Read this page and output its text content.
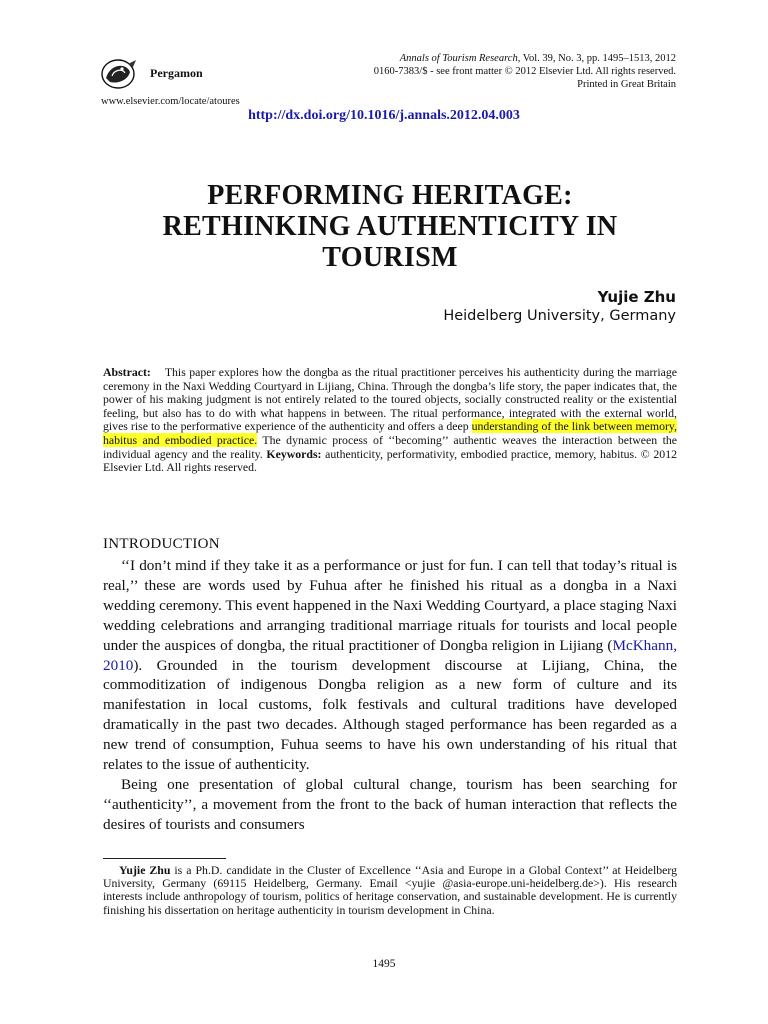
Pergamon
Annals of Tourism Research, Vol. 39, No. 3, pp. 1495–1513, 2012
0160-7383/$ - see front matter © 2012 Elsevier Ltd. All rights reserved.
Printed in Great Britain
www.elsevier.com/locate/atoures
http://dx.doi.org/10.1016/j.annals.2012.04.003
PERFORMING HERITAGE:
RETHINKING AUTHENTICITY IN
TOURISM
Yujie Zhu
Heidelberg University, Germany
Abstract: This paper explores how the dongba as the ritual practitioner perceives his authenticity during the marriage ceremony in the Naxi Wedding Courtyard in Lijiang, China. Through the dongba’s life story, the paper indicates that, the power of his making judgment is not entirely related to the toured objects, socially constructed reality or the existential feeling, but also has to do with what happens in between. The ritual performance, integrated with the external world, gives rise to the performative experience of the authenticity and offers a deep understanding of the link between memory, habitus and embodied practice. The dynamic process of ‘‘becoming’’ authentic weaves the interaction between the individual agency and the reality. Keywords: authenticity, performativity, embodied practice, memory, habitus. © 2012 Elsevier Ltd. All rights reserved.
INTRODUCTION

‘‘I don’t mind if they take it as a performance or just for fun. I can tell that today’s ritual is real,’’ these are words used by Fuhua after he finished his ritual as a dongba in a Naxi wedding ceremony. This event happened in the Naxi Wedding Courtyard, a place staging Naxi wedding celebrations and arranging traditional marriage rituals for tourists and local people under the auspices of dongba, the ritual practitioner of Dongba religion in Lijiang (McKhann, 2010). Grounded in the tourism development discourse at Lijiang, China, the commoditization of indigenous Dongba religion as a new form of culture and its manifestation in local customs, folk festivals and cultural traditions have developed dramatically in the past two decades. Although staged performance has been regarded as a new trend of consumption, Fuhua seems to have his own understanding of his ritual that relates to the issue of authenticity.

Being one presentation of global cultural change, tourism has been searching for ‘‘authenticity’’, a movement from the front to the back of human interaction that reflects the desires of tourists and consumers

Yujie Zhu is a Ph.D. candidate in the Cluster of Excellence ‘‘Asia and Europe in a Global Context’’ at Heidelberg University, Germany (69115 Heidelberg, Germany. Email <yujie @asia-europe.uni-heidelberg.de>). His research interests include anthropology of tourism, politics of heritage conservation, and sustainable development. He is currently finishing his dissertation on heritage authenticity in tourism development in China.
1495
